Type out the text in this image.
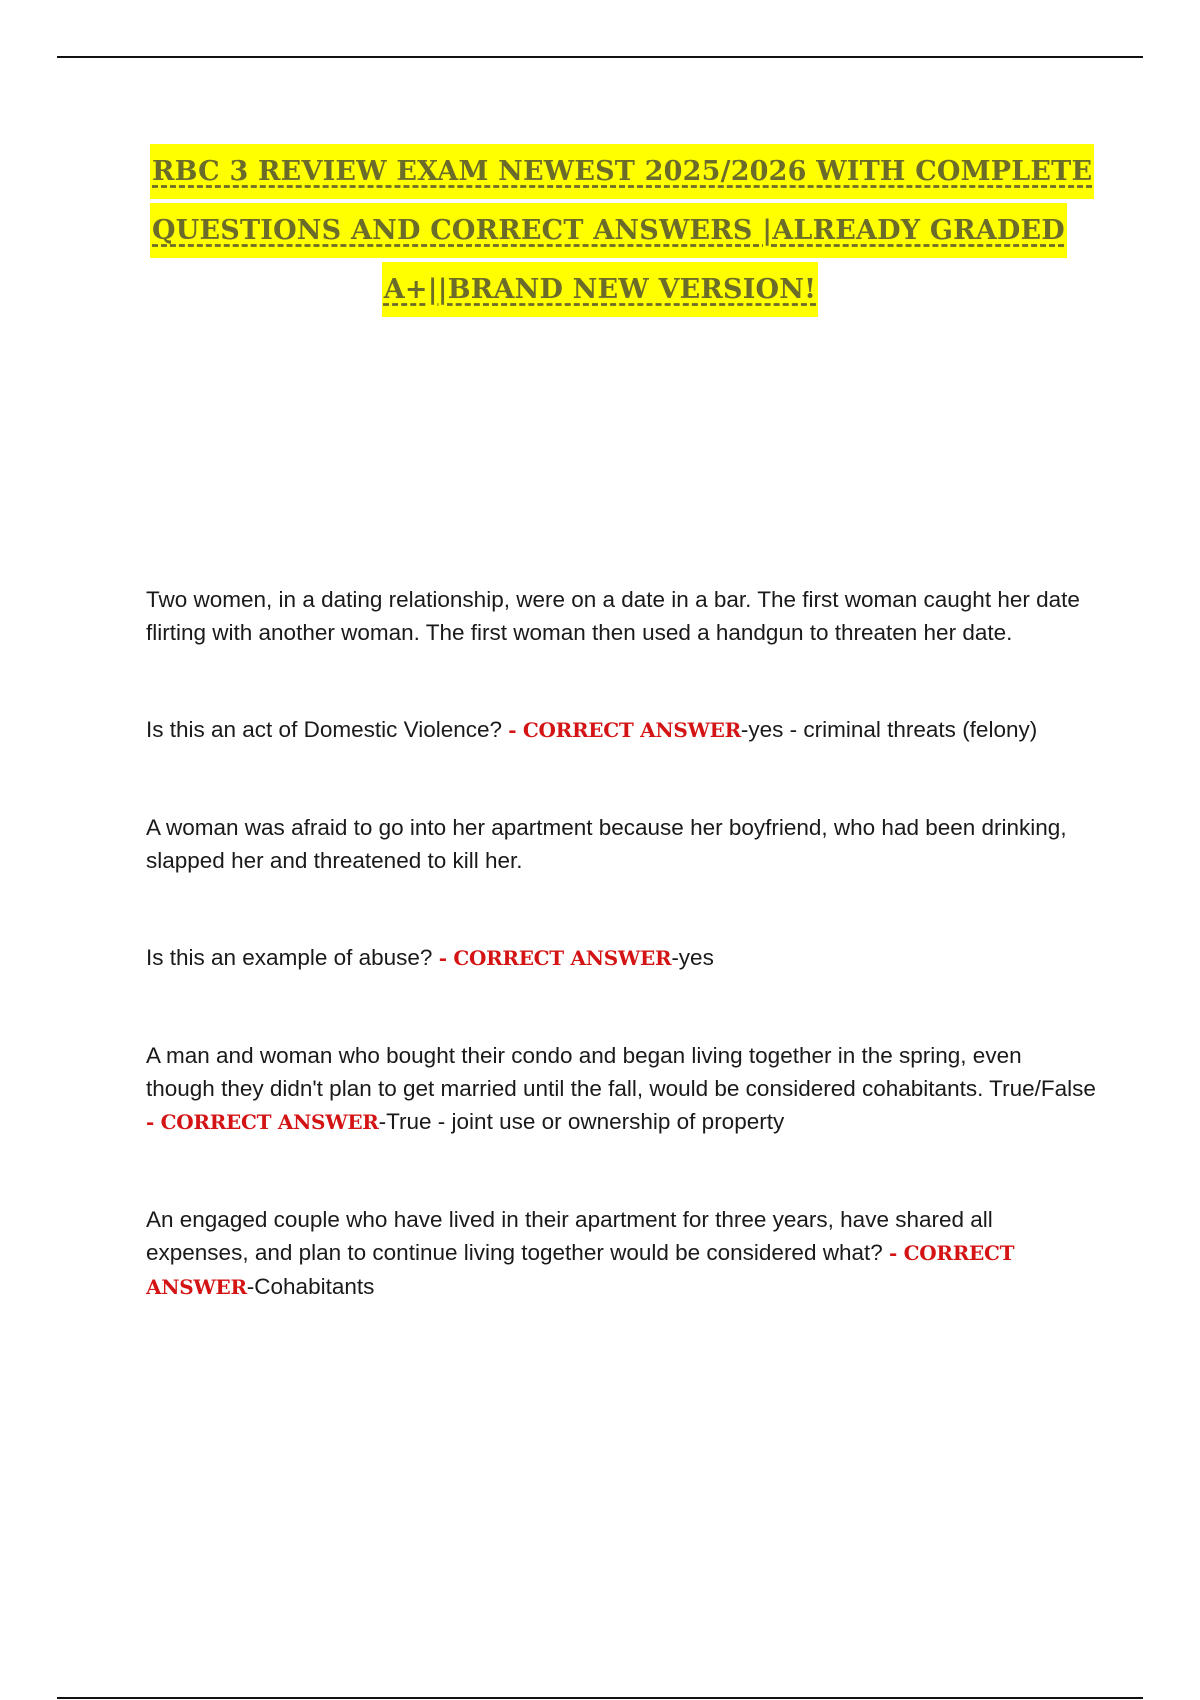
RBC 3 REVIEW EXAM NEWEST 2025/2026 WITH COMPLETE
QUESTIONS AND CORRECT ANSWERS |ALREADY GRADED
A+||BRAND NEW VERSION!

Two women, in a dating relationship, were on a date in a bar. The first woman caught her date flirting with another woman. The first woman then used a handgun to threaten her date.

Is this an act of Domestic Violence? - CORRECT ANSWER-yes - criminal threats (felony)

A woman was afraid to go into her apartment because her boyfriend, who had been drinking, slapped her and threatened to kill her.

Is this an example of abuse? - CORRECT ANSWER-yes

A man and woman who bought their condo and began living together in the spring, even though they didn't plan to get married until the fall, would be considered cohabitants. True/False - CORRECT ANSWER-True - joint use or ownership of property

An engaged couple who have lived in their apartment for three years, have shared all expenses, and plan to continue living together would be considered what? - CORRECT ANSWER-Cohabitants
